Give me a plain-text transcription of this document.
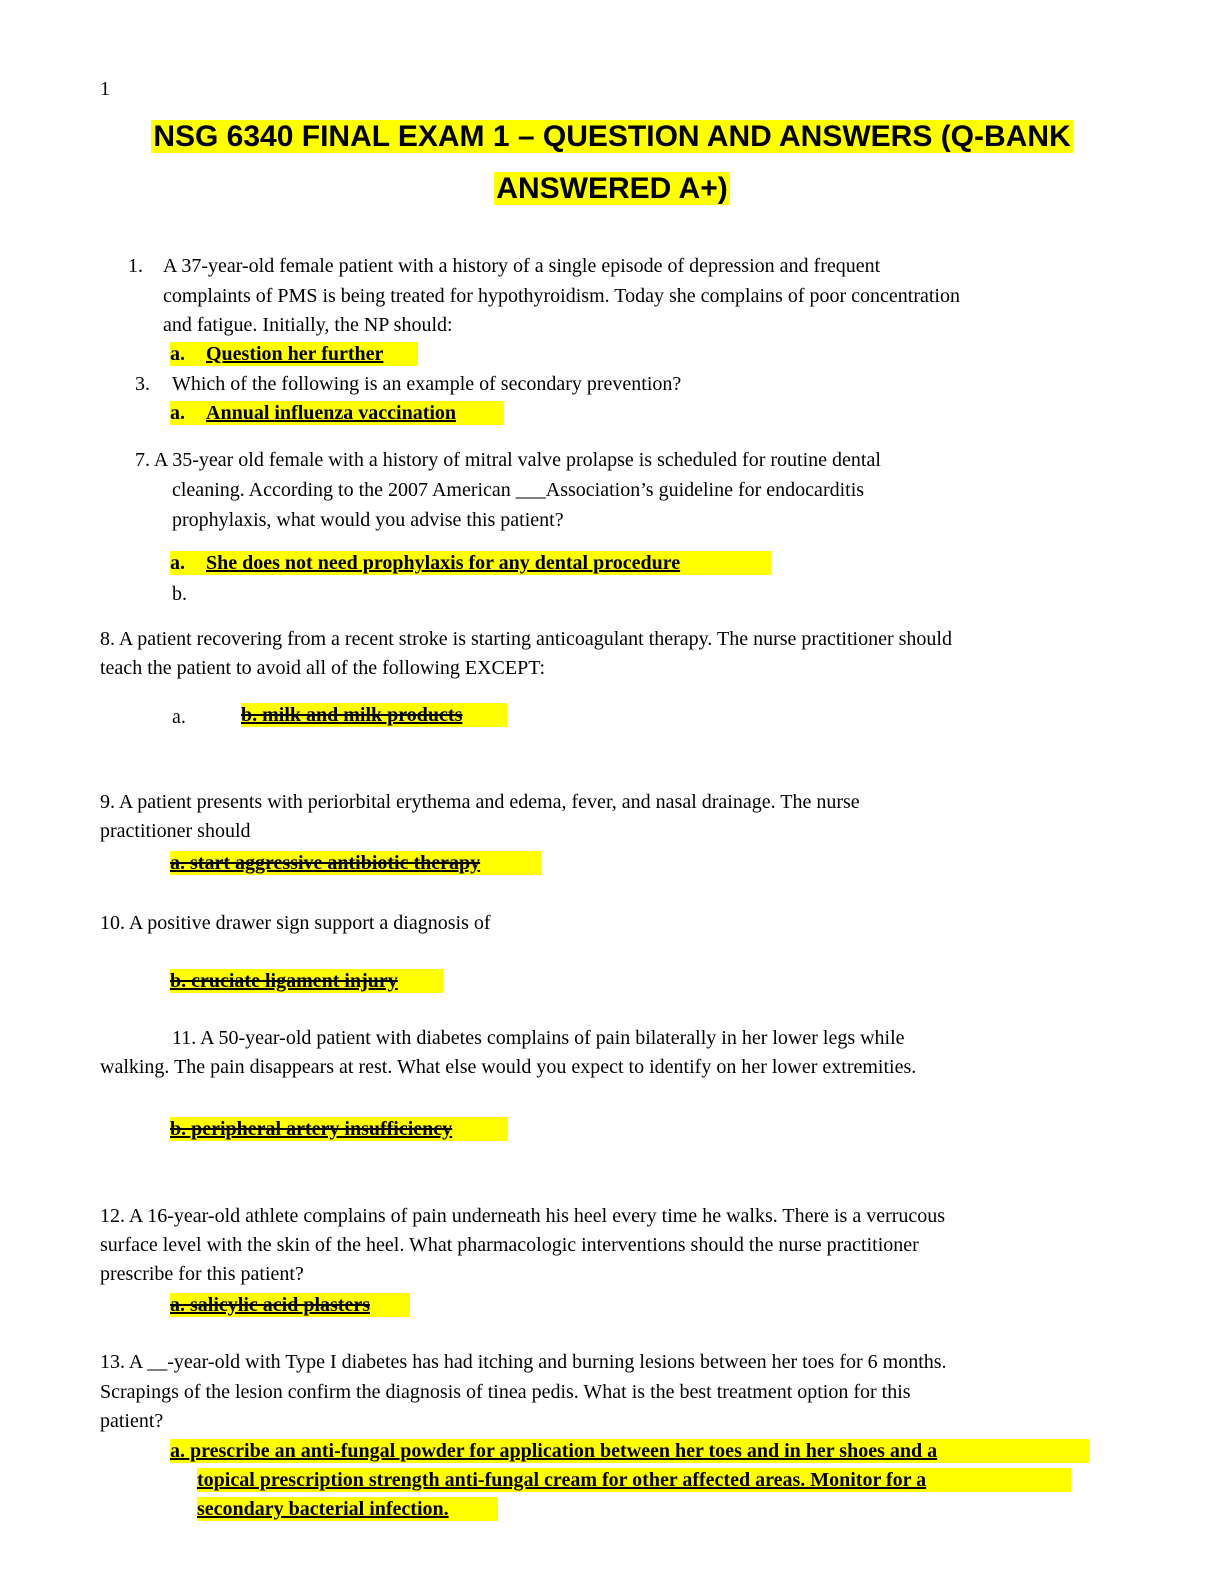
1
NSG 6340 FINAL EXAM 1 – QUESTION AND ANSWERS (Q-BANK
ANSWERED A+)
1. A 37-year-old female patient with a history of a single episode of depression and frequent
complaints of PMS is being treated for hypothyroidism. Today she complains of poor concentration
and fatigue. Initially, the NP should:
a. Question her further
3. Which of the following is an example of secondary prevention?
a. Annual influenza vaccination
7. A 35-year old female with a history of mitral valve prolapse is scheduled for routine dental
cleaning. According to the 2007 American ___Association’s guideline for endocarditis
prophylaxis, what would you advise this patient?
a. She does not need prophylaxis for any dental procedure
b.
8. A patient recovering from a recent stroke is starting anticoagulant therapy. The nurse practitioner should
teach the patient to avoid all of the following EXCEPT:
a.	b. milk and milk products
9. A patient presents with periorbital erythema and edema, fever, and nasal drainage. The nurse
practitioner should
a. start aggressive antibiotic therapy
10. A positive drawer sign support a diagnosis of
b. cruciate ligament injury
11. A 50-year-old patient with diabetes complains of pain bilaterally in her lower legs while
walking. The pain disappears at rest. What else would you expect to identify on her lower extremities.
b. peripheral artery insufficiency
12. A 16-year-old athlete complains of pain underneath his heel every time he walks. There is a verrucous
surface level with the skin of the heel. What pharmacologic interventions should the nurse practitioner
prescribe for this patient?
a. salicylic acid plasters
13. A __-year-old with Type I diabetes has had itching and burning lesions between her toes for 6 months.
Scrapings of the lesion confirm the diagnosis of tinea pedis. What is the best treatment option for this
patient?
a. prescribe an anti-fungal powder for application between her toes and in her shoes and a
topical prescription strength anti-fungal cream for other affected areas. Monitor for a
secondary bacterial infection.
